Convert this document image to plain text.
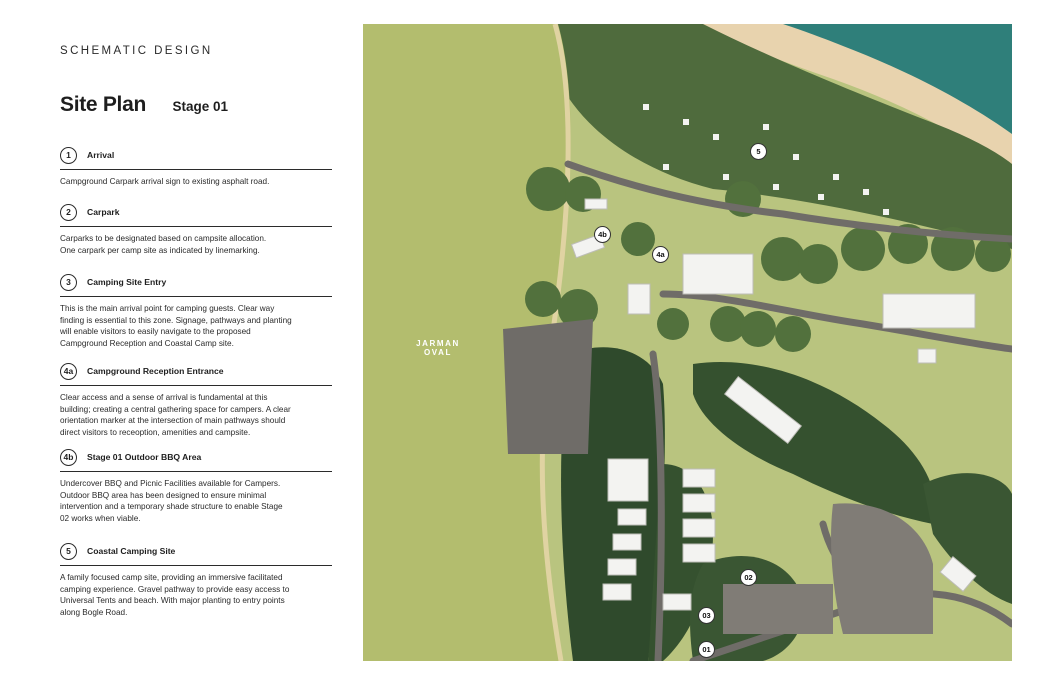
SCHEMATIC DESIGN
Site Plan Stage 01
1	Arrival
Campground Carpark arrival sign to existing asphalt road.
2	Carpark
Carparks to be designated based on campsite allocation.
One carpark per camp site as indicated by linemarking.
3	Camping Site Entry
This is the main arrival point for camping guests. Clear way
finding is essential to this zone. Signage, pathways and planting
will enable visitors to easily navigate to the proposed
Campground Reception and Coastal Camp site.
4a	Campground Reception Entrance
Clear access and a sense of arrival is fundamental at this
building; creating a central gathering space for campers. A clear
orientation marker at the intersection of main pathways should
direct visitors to receoption, amenities and campsite.
4b	Stage 01 Outdoor BBQ Area
Undercover BBQ and Picnic Facilities available for Campers.
Outdoor BBQ area has been designed to ensure minimal
intervention and a temporary shade structure to enable Stage
02 works when viable.
5	Coastal Camping Site
A family focused camp site, providing an immersive facilitated
camping experience. Gravel pathway to provide easy access to
Universal Tents and beach. With major planting to entry points
along Bogle Road.
JARMAN
OVAL
4b
4a
5
02
03
01
